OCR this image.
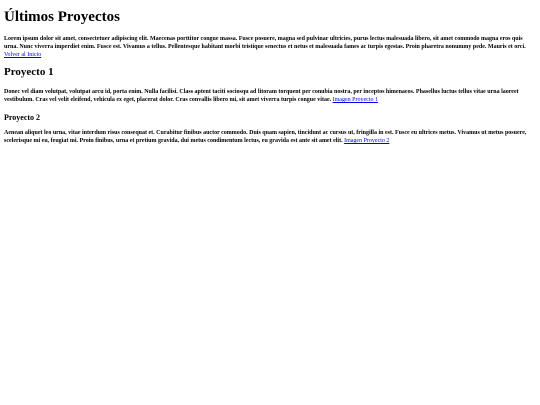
Últimos Proyectos

Lorem ipsum dolor sit amet, consectetuer adipiscing elit. Maecenas porttitor congue massa. Fusce posuere, magna sed pulvinar ultricies, purus lectus malesuada libero, sit amet commodo magna eros quis urna. Nunc viverra imperdiet enim. Fusce est. Vivamus a tellus. Pellentesque habitant morbi tristique senectus et netus et malesuada fames ac turpis egestas. Proin pharetra nonummy pede. Mauris et orci. Volver al Inicio

Proyecto 1

Donec vel diam volutpat, volutpat arcu id, porta enim. Nulla facilisi. Class aptent taciti sociosqu ad litoram torquent per conubia nostra, per inceptos himenaeos. Phasellus luctus tellus vitae urna laoreet vestibulum. Cras vel velit eleifend, vehicula ex eget, placerat dolor. Cras convallis libero mi, sit amet viverra turpis congue vitae. Imagen Proyecto 1

Proyecto 2

Aenean aliquet leo urna, vitae interdum risus consequat et. Curabitur finibus auctor commodo. Duis quam sapien, tincidunt ac cursus ut, fringilla in est. Fusce eu ultrices metus. Vivamus ut metus posuere, scelerisque mi eu, feugiat mi. Proin finibus, urna et pretium gravida, dui metus condimentum lectus, eu gravida est ante sit amet elit. Imagen Proyecto 2
